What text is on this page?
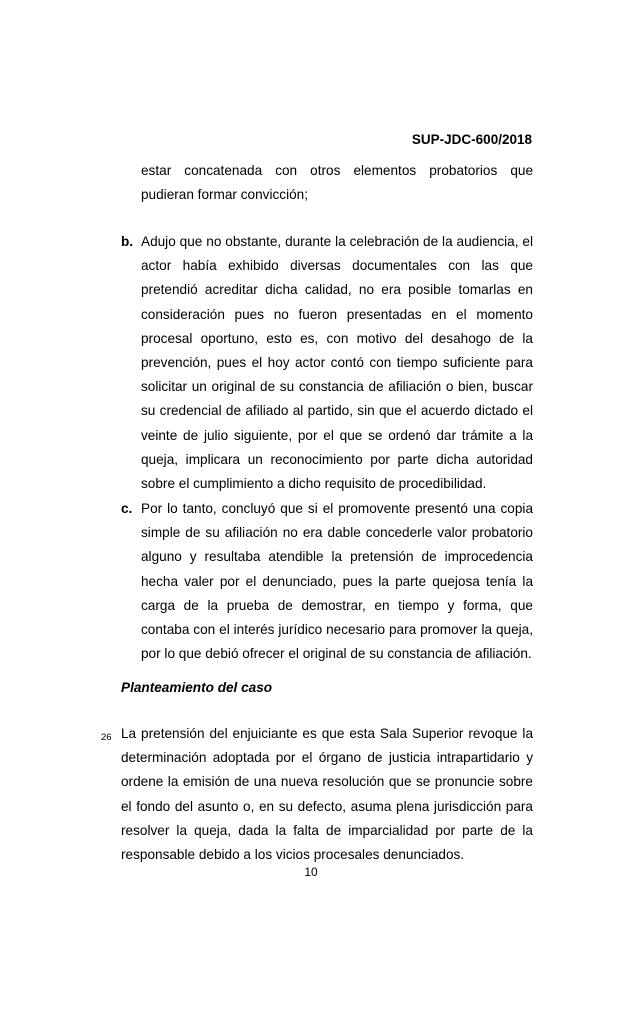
SUP-JDC-600/2018

estar concatenada con otros elementos probatorios que pudieran formar convicción;

b. Adujo que no obstante, durante la celebración de la audiencia, el actor había exhibido diversas documentales con las que pretendió acreditar dicha calidad, no era posible tomarlas en consideración pues no fueron presentadas en el momento procesal oportuno, esto es, con motivo del desahogo de la prevención, pues el hoy actor contó con tiempo suficiente para solicitar un original de su constancia de afiliación o bien, buscar su credencial de afiliado al partido, sin que el acuerdo dictado el veinte de julio siguiente, por el que se ordenó dar trámite a la queja, implicara un reconocimiento por parte dicha autoridad sobre el cumplimiento a dicho requisito de procedibilidad.

c. Por lo tanto, concluyó que si el promovente presentó una copia simple de su afiliación no era dable concederle valor probatorio alguno y resultaba atendible la pretensión de improcedencia hecha valer por el denunciado, pues la parte quejosa tenía la carga de la prueba de demostrar, en tiempo y forma, que contaba con el interés jurídico necesario para promover la queja, por lo que debió ofrecer el original de su constancia de afiliación.

Planteamiento del caso
26 La pretensión del enjuiciante es que esta Sala Superior revoque la determinación adoptada por el órgano de justicia intrapartidario y ordene la emisión de una nueva resolución que se pronuncie sobre el fondo del asunto o, en su defecto, asuma plena jurisdicción para resolver la queja, dada la falta de imparcialidad por parte de la responsable debido a los vicios procesales denunciados.

10
